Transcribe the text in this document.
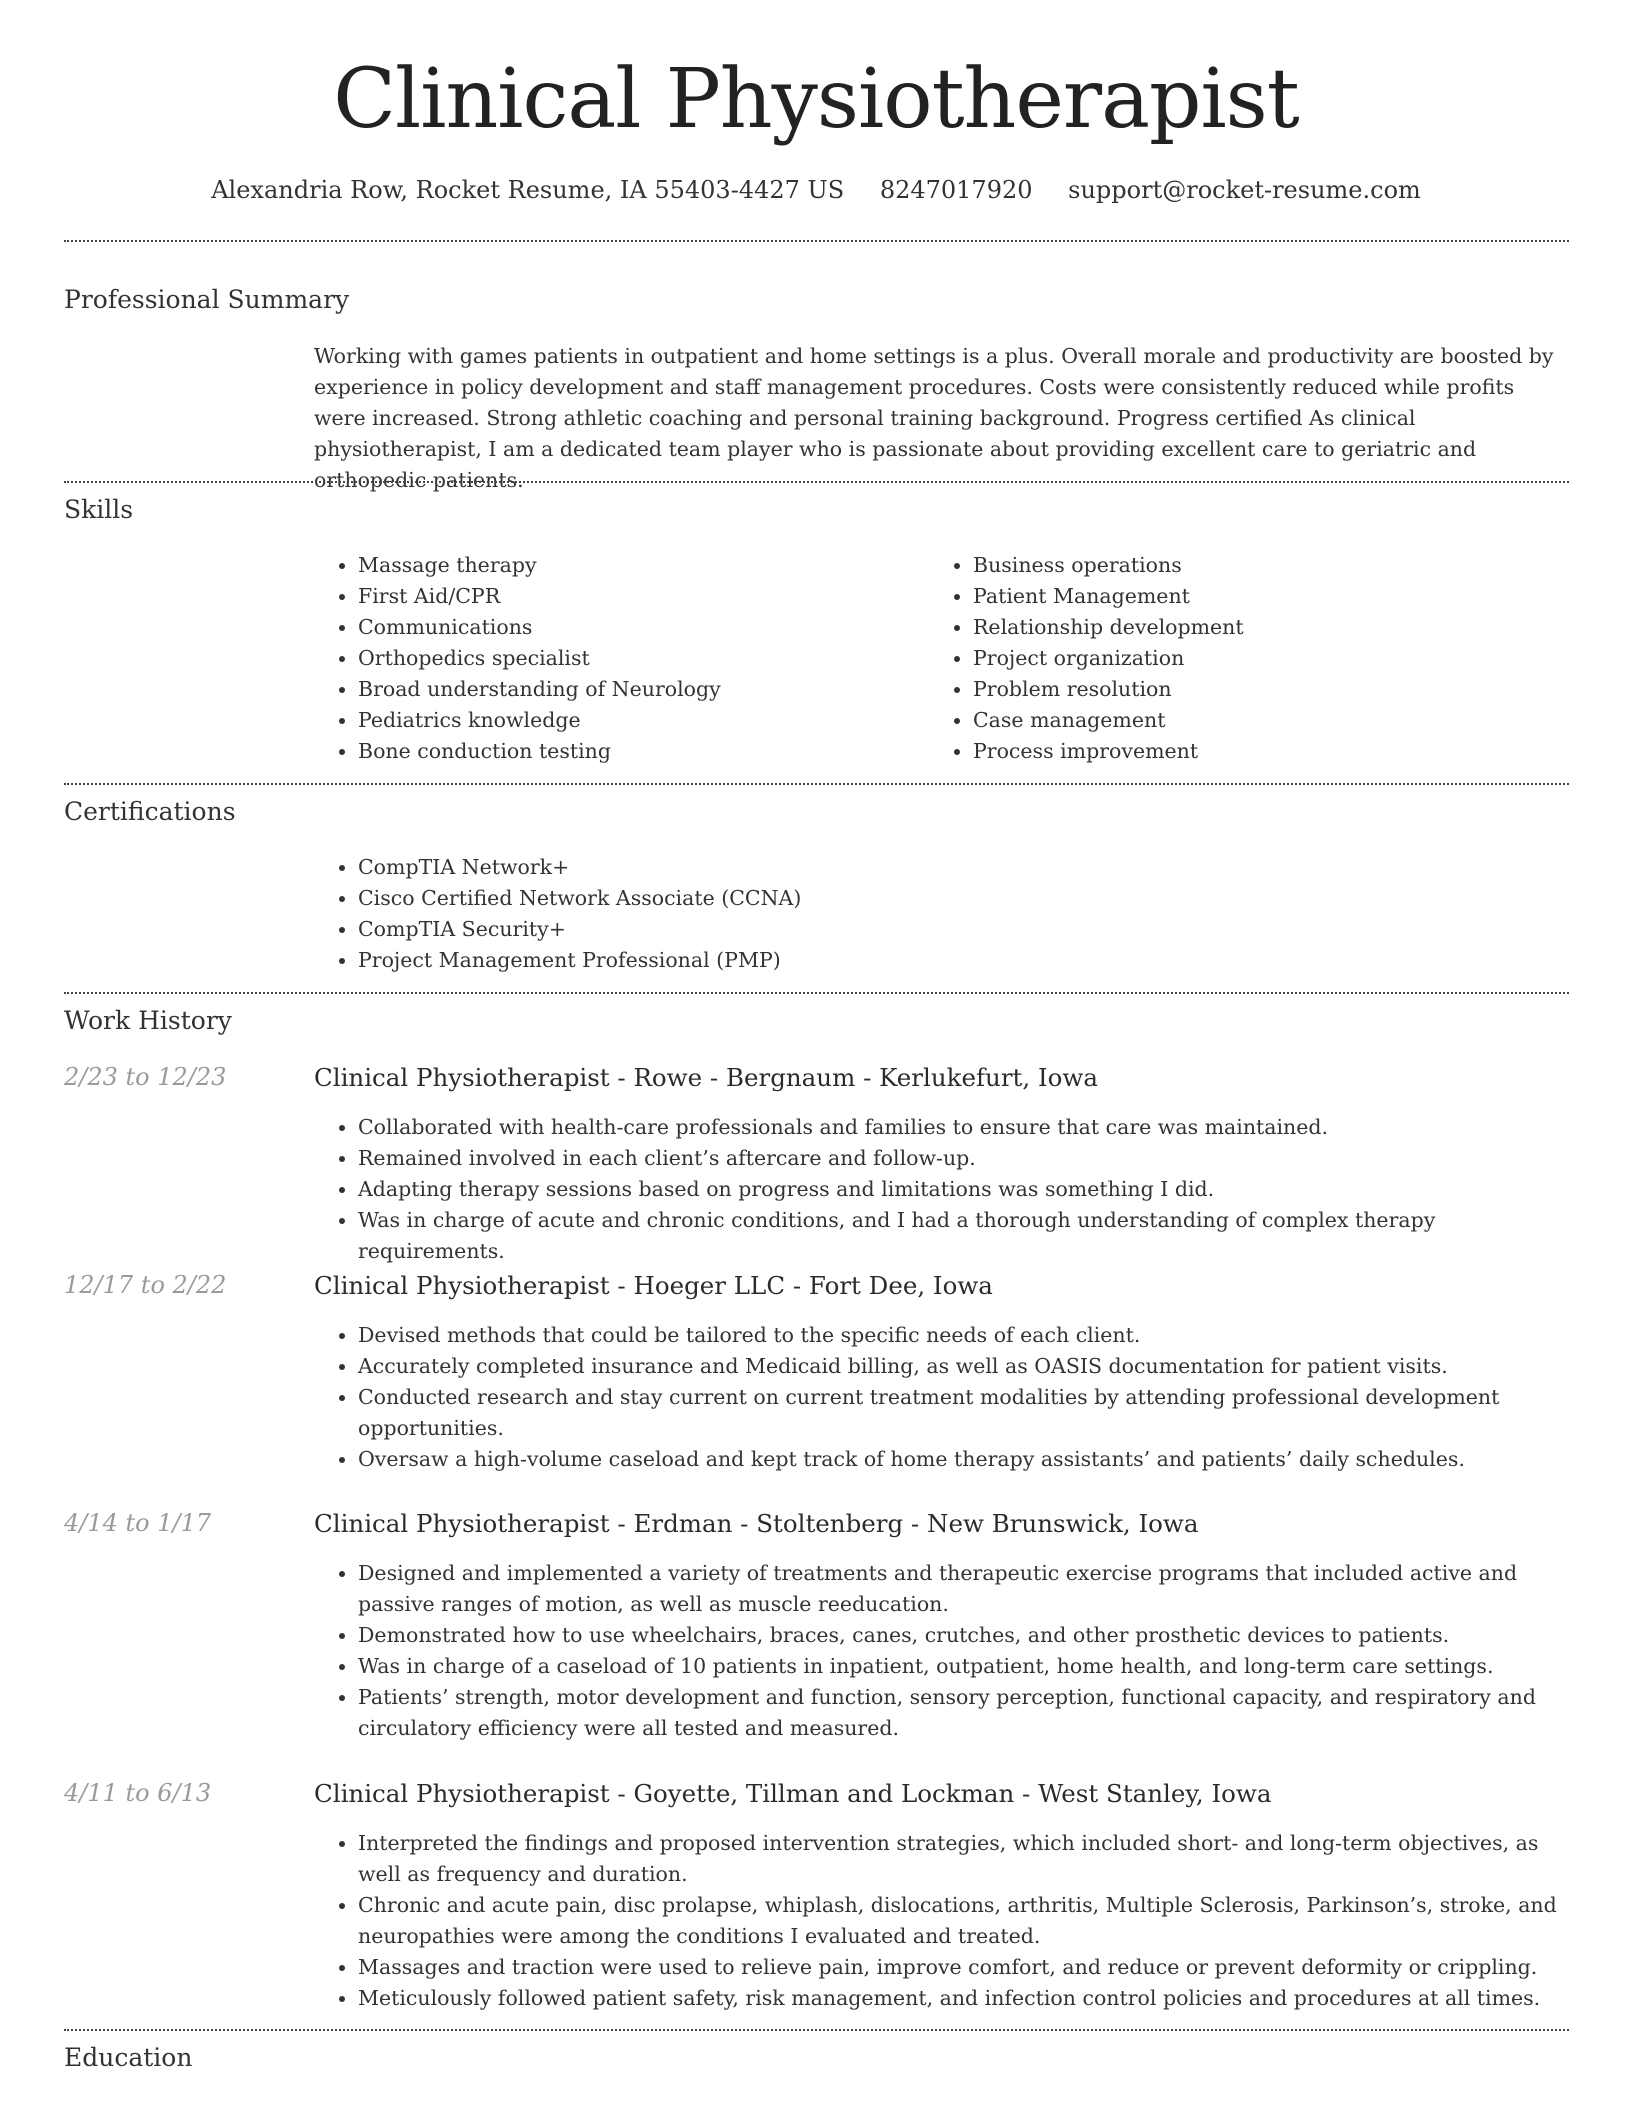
Clinical Physiotherapist
Alexandria Row, Rocket Resume, IA 55403-4427 US 8247017920 support@rocket-resume.com
Professional Summary

Working with games patients in outpatient and home settings is a plus. Overall morale and productivity are boosted by experience in policy development and staff management procedures. Costs were consistently reduced while profits were increased. Strong athletic coaching and personal training background. Progress certified As clinical physiotherapist, I am a dedicated team player who is passionate about providing excellent care to geriatric and orthopedic patients.

Skills
• Massage therapy
• First Aid/CPR
• Communications
• Orthopedics specialist
• Broad understanding of Neurology
• Pediatrics knowledge
• Bone conduction testing
• Business operations
• Patient Management
• Relationship development
• Project organization
• Problem resolution
• Case management
• Process improvement
Certifications
• CompTIA Network+
• Cisco Certified Network Associate (CCNA)
• CompTIA Security+
• Project Management Professional (PMP)
Work History
2/23 to 12/23	Clinical Physiotherapist - Rowe - Bergnaum - Kerlukefurt, Iowa
• Collaborated with health-care professionals and families to ensure that care was maintained.
• Remained involved in each client’s aftercare and follow-up.
• Adapting therapy sessions based on progress and limitations was something I did.
• Was in charge of acute and chronic conditions, and I had a thorough understanding of complex therapy requirements.
12/17 to 2/22	Clinical Physiotherapist - Hoeger LLC - Fort Dee, Iowa
• Devised methods that could be tailored to the specific needs of each client.
• Accurately completed insurance and Medicaid billing, as well as OASIS documentation for patient visits.
• Conducted research and stay current on current treatment modalities by attending professional development opportunities.
• Oversaw a high-volume caseload and kept track of home therapy assistants’ and patients’ daily schedules.
4/14 to 1/17	Clinical Physiotherapist - Erdman - Stoltenberg - New Brunswick, Iowa
• Designed and implemented a variety of treatments and therapeutic exercise programs that included active and passive ranges of motion, as well as muscle reeducation.
• Demonstrated how to use wheelchairs, braces, canes, crutches, and other prosthetic devices to patients.
• Was in charge of a caseload of 10 patients in inpatient, outpatient, home health, and long-term care settings.
• Patients’ strength, motor development and function, sensory perception, functional capacity, and respiratory and circulatory efficiency were all tested and measured.
4/11 to 6/13	Clinical Physiotherapist - Goyette, Tillman and Lockman - West Stanley, Iowa
• Interpreted the findings and proposed intervention strategies, which included short- and long-term objectives, as well as frequency and duration.
• Chronic and acute pain, disc prolapse, whiplash, dislocations, arthritis, Multiple Sclerosis, Parkinson’s, stroke, and neuropathies were among the conditions I evaluated and treated.
• Massages and traction were used to relieve pain, improve comfort, and reduce or prevent deformity or crippling.
• Meticulously followed patient safety, risk management, and infection control policies and procedures at all times.
Education
